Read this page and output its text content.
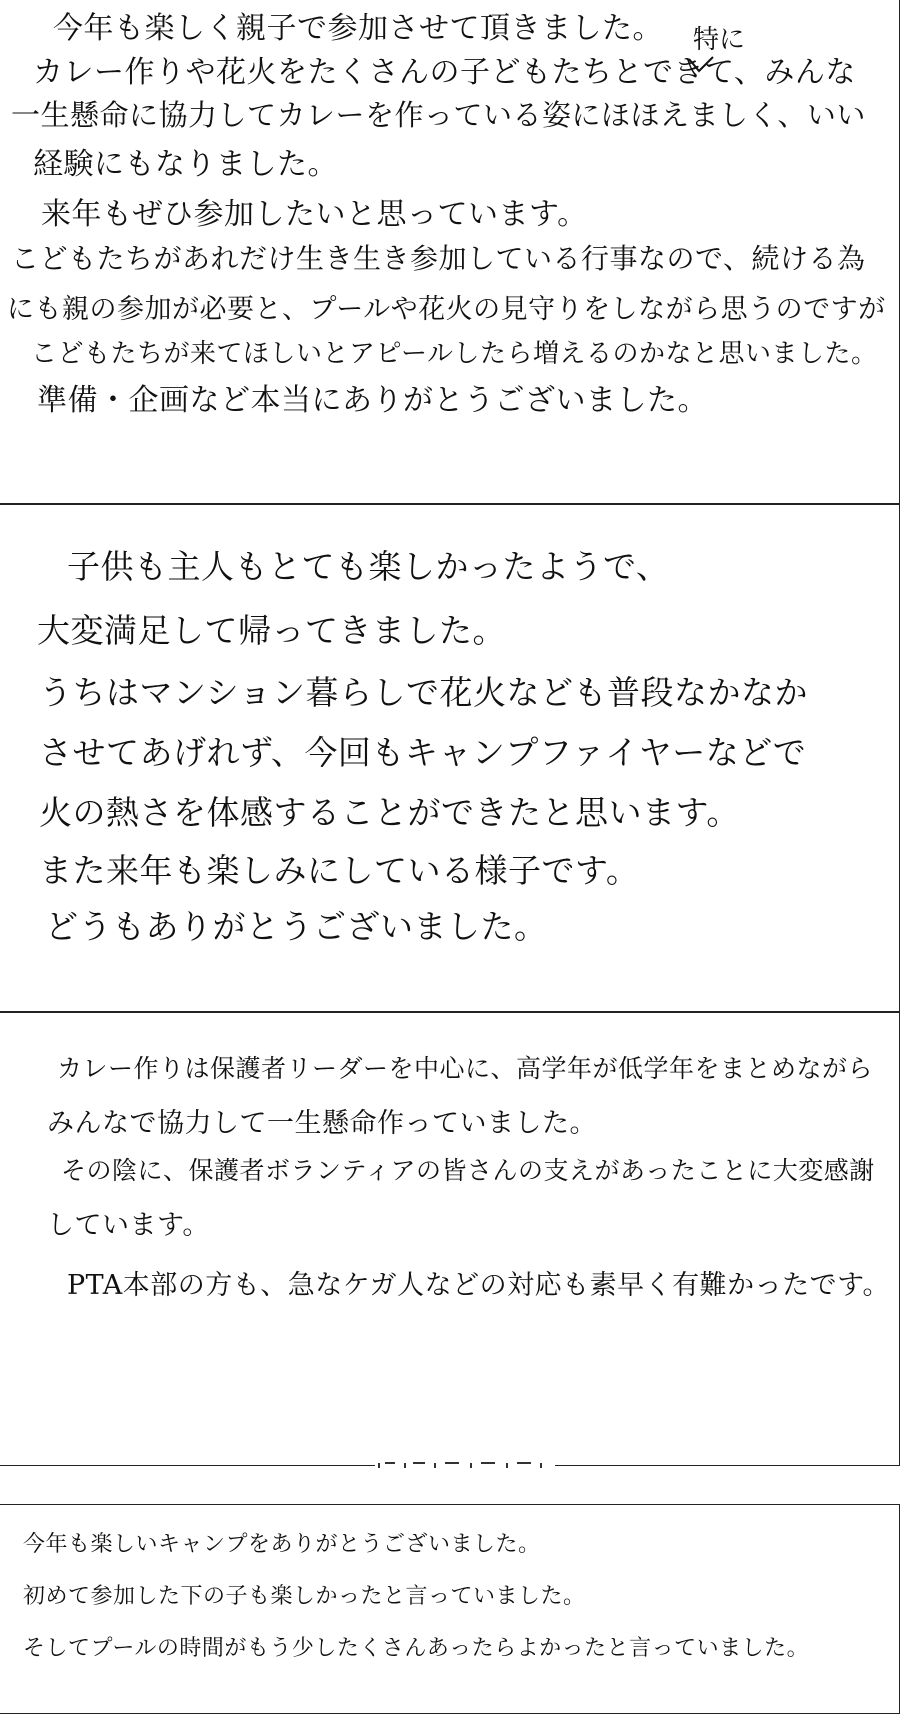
今年も楽しく親子で参加させて頂きました。
カレー作りや花火をたくさんの子どもたちとできて、みんな
一生懸命に協力してカレーを作っている姿にほほえましく、いい
経験にもなりました。
来年もぜひ参加したいと思っています。
こどもたちがあれだけ生き生き参加している行事なので、続ける為
にも親の参加が必要と、プールや花火の見守りをしながら思うのですが
こどもたちが来てほしいとアピールしたら増えるのかなと思いました。
準備・企画など本当にありがとうございました。
特に
子供も主人もとても楽しかったようで、
大変満足して帰ってきました。
うちはマンション暮らしで花火なども普段なかなか
させてあげれず、今回もキャンプファイヤーなどで
火の熱さを体感することができたと思います。
また来年も楽しみにしている様子です。
どうもありがとうございました。
カレー作りは保護者リーダーを中心に、高学年が低学年をまとめながら
みんなで協力して一生懸命作っていました。
その陰に、保護者ボランティアの皆さんの支えがあったことに大変感謝
しています。
PTA本部の方も、急なケガ人などの対応も素早く有難かったです。
今年も楽しいキャンプをありがとうございました。
初めて参加した下の子も楽しかったと言っていました。
そしてプールの時間がもう少したくさんあったらよかったと言っていました。
